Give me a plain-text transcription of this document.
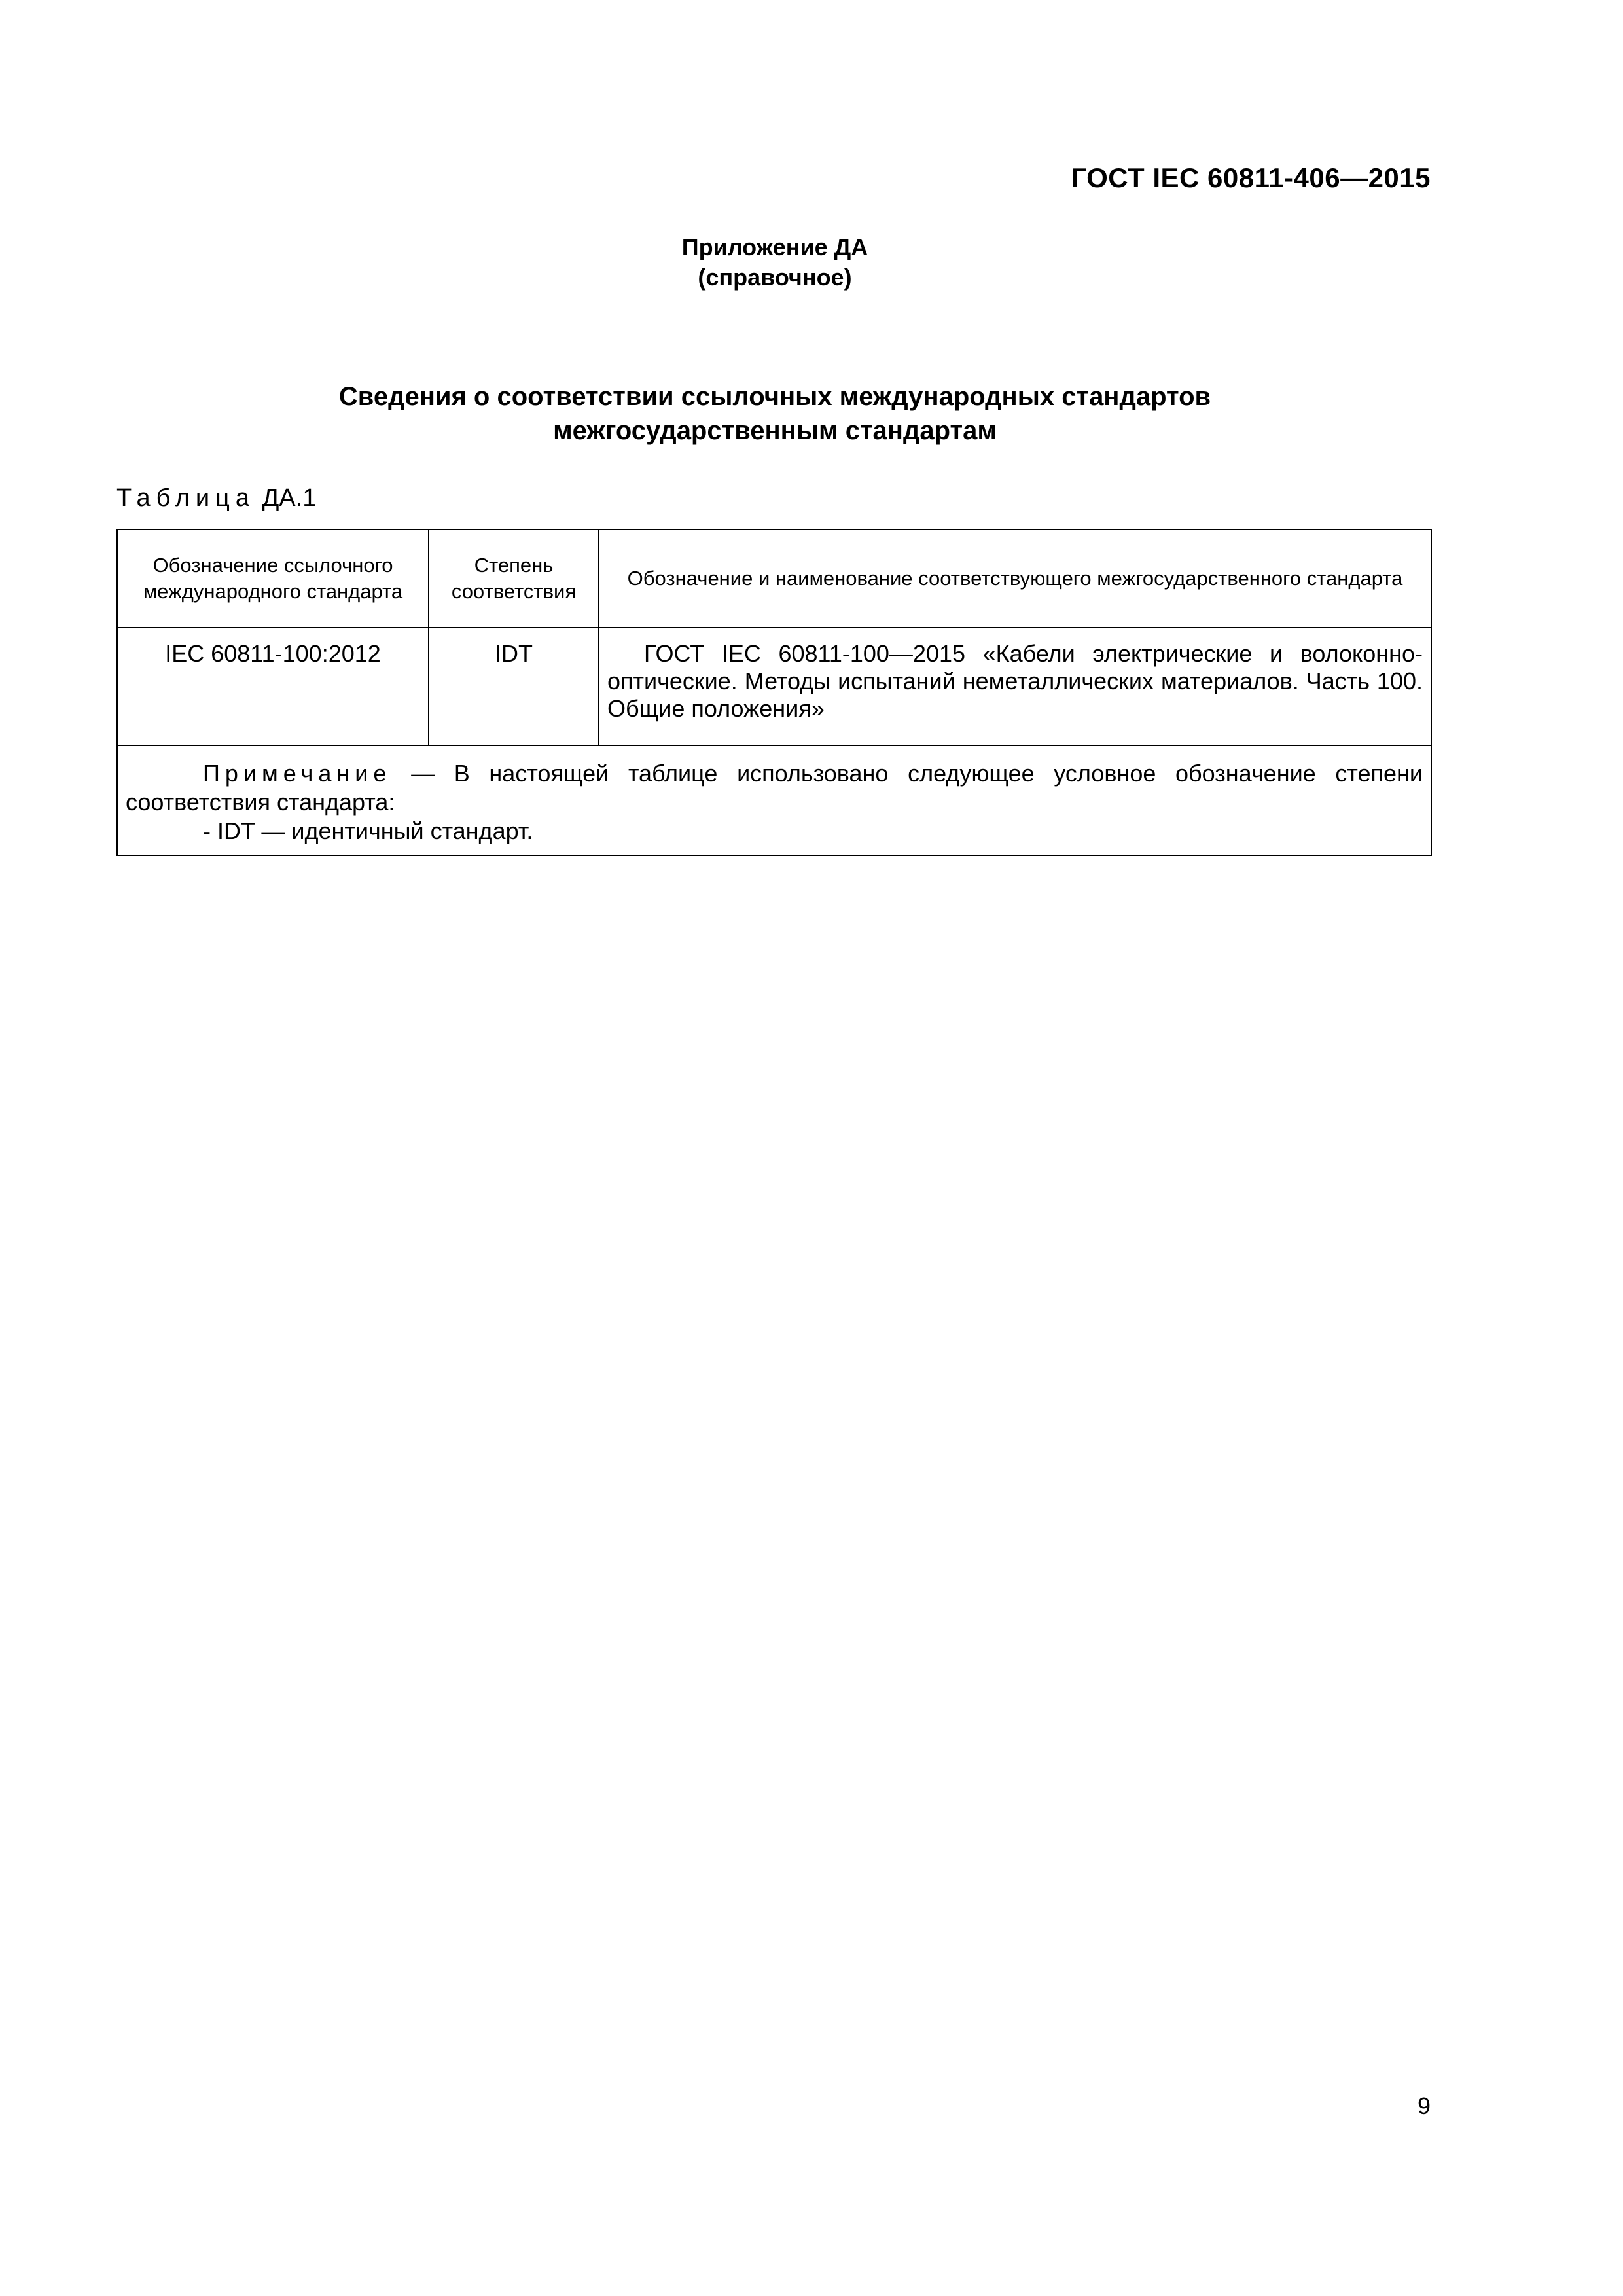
ГОСТ IEC 60811-406—2015
Приложение ДА
(справочное)
Сведения о соответствии ссылочных международных стандартов
межгосударственным стандартам
Таблица ДА.1
Обозначение ссылочного международного стандарта	Степень соответствия	Обозначение и наименование соответствующего межгосударственного стандарта
IEC 60811-100:2012	IDT	ГОСТ IEC 60811-100—2015 «Кабели электрические и волоконно-оптические. Методы испытаний неметаллических материалов. Часть 100. Общие положения»

Примечание — В настоящей таблице использовано следующее условное обозначение степени соответствия стандарта:
- IDT — идентичный стандарт.		
9
